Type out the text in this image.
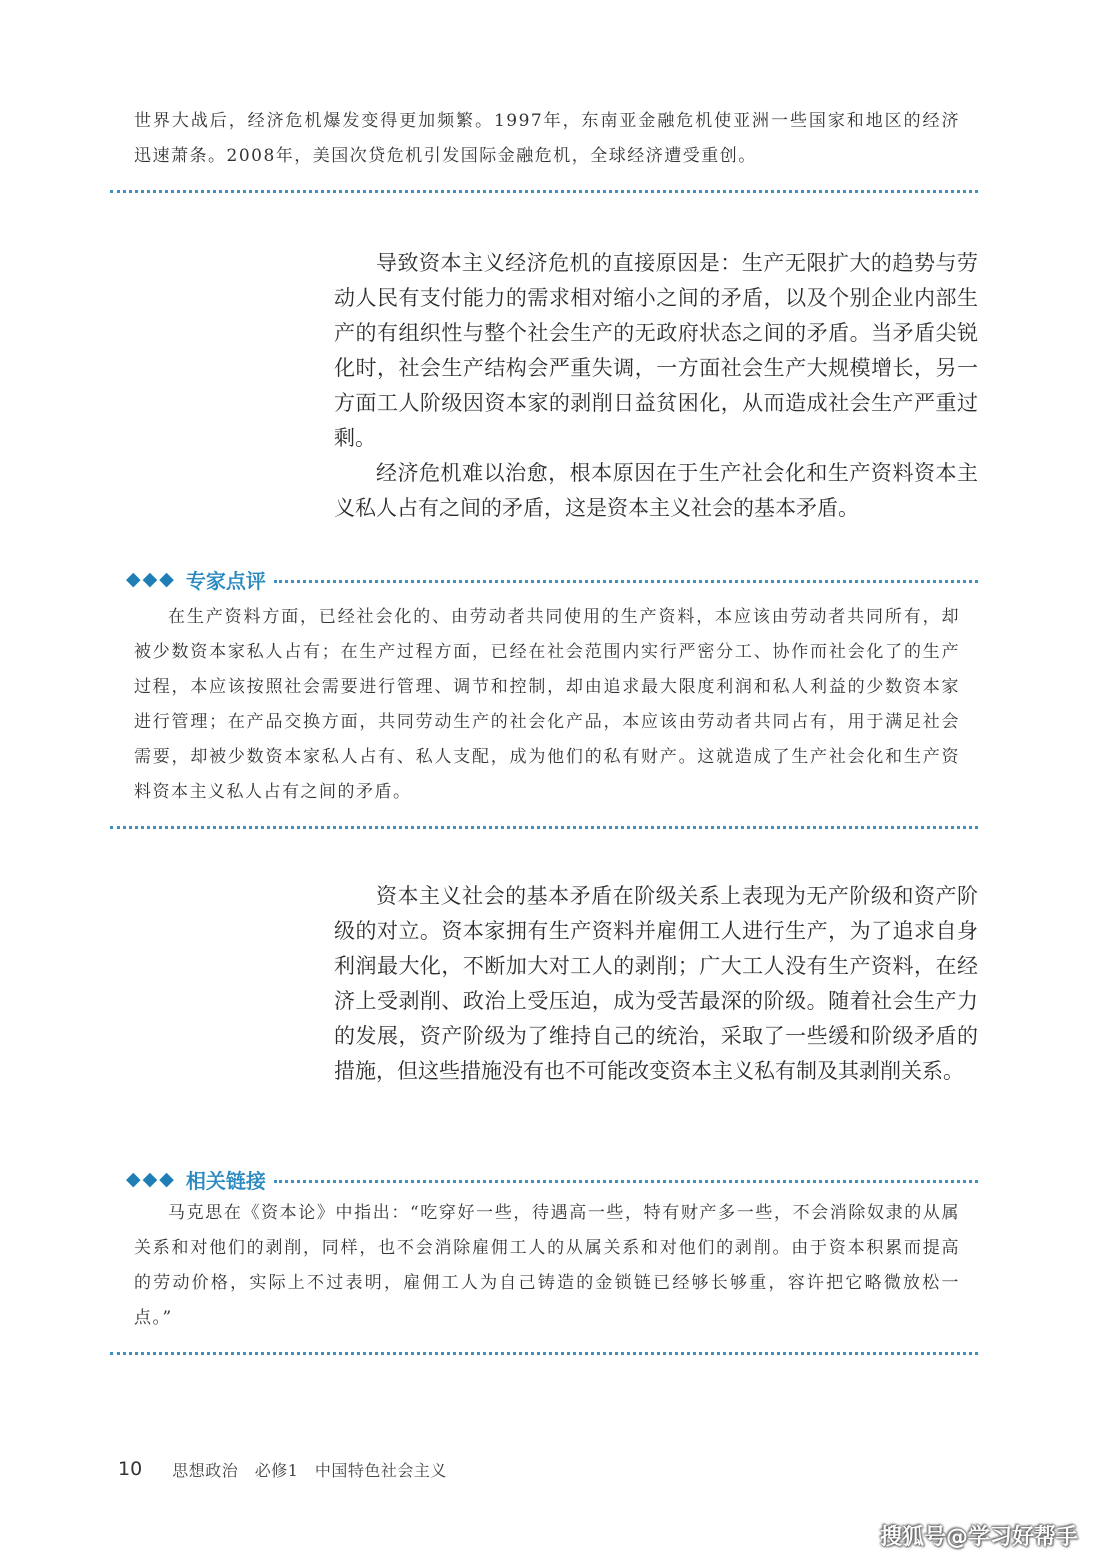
世界大战后，经济危机爆发变得更加频繁。1997年，东南亚金融危机使亚洲一些国家和地区的经济迅速萧条。2008年，美国次贷危机引发国际金融危机，全球经济遭受重创。

导致资本主义经济危机的直接原因是：生产无限扩大的趋势与劳动人民有支付能力的需求相对缩小之间的矛盾，以及个别企业内部生产的有组织性与整个社会生产的无政府状态之间的矛盾。当矛盾尖锐化时，社会生产结构会严重失调，一方面社会生产大规模增长，另一方面工人阶级因资本家的剥削日益贫困化，从而造成社会生产严重过剩。

经济危机难以治愈，根本原因在于生产社会化和生产资料资本主义私人占有之间的矛盾，这是资本主义社会的基本矛盾。

◆◆◆ 专家点评

在生产资料方面，已经社会化的、由劳动者共同使用的生产资料，本应该由劳动者共同所有，却被少数资本家私人占有；在生产过程方面，已经在社会范围内实行严密分工、协作而社会化了的生产过程，本应该按照社会需要进行管理、调节和控制，却由追求最大限度利润和私人利益的少数资本家进行管理；在产品交换方面，共同劳动生产的社会化产品，本应该由劳动者共同占有，用于满足社会需要，却被少数资本家私人占有、私人支配，成为他们的私有财产。这就造成了生产社会化和生产资料资本主义私人占有之间的矛盾。

资本主义社会的基本矛盾在阶级关系上表现为无产阶级和资产阶级的对立。资本家拥有生产资料并雇佣工人进行生产，为了追求自身利润最大化，不断加大对工人的剥削；广大工人没有生产资料，在经济上受剥削、政治上受压迫，成为受苦最深的阶级。随着社会生产力的发展，资产阶级为了维持自己的统治，采取了一些缓和阶级矛盾的措施，但这些措施没有也不可能改变资本主义私有制及其剥削关系。

◆◆◆ 相关链接

马克思在《资本论》中指出：“吃穿好一些，待遇高一些，特有财产多一些，不会消除奴隶的从属关系和对他们的剥削，同样，也不会消除雇佣工人的从属关系和对他们的剥削。由于资本积累而提高的劳动价格，实际上不过表明，雇佣工人为自己铸造的金锁链已经够长够重，容许把它略微放松一点。”

10 思想政治　必修1　中国特色社会主义
搜狐号@学习好帮手
